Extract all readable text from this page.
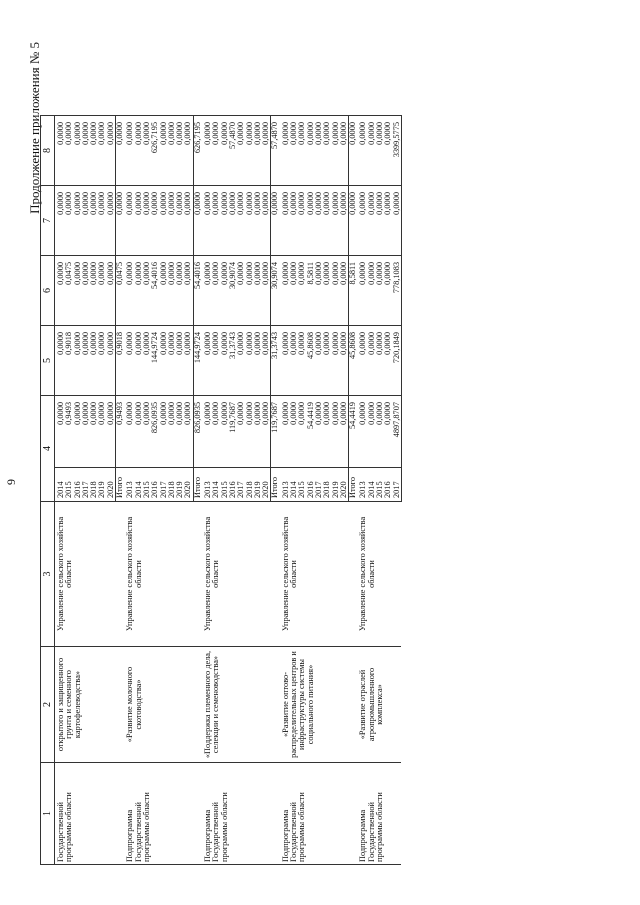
9
Продолжение приложения № 5
1	2	3	4		5	6	7	8
Государственной программы области	открытого и защищенного грунта и семенного картофелеводства»	Управление сельского хозяйства области	2014	0,0000	0,0000	0,0000	0,0000	0,0000
			2015	0,9493	0,9018	0,0475	0,0000	0,0000
			2016	0,0000	0,0000	0,0000	0,0000	0,0000
			2017	0,0000	0,0000	0,0000	0,0000	0,0000
			2018	0,0000	0,0000	0,0000	0,0000	0,0000
			2019	0,0000	0,0000	0,0000	0,0000	0,0000
			2020	0,0000	0,0000	0,0000	0,0000	0,0000
			Итого	0,9493	0,9018	0,0475	0,0000	0,0000
Подпрограмма Государственной программы области	«Развитие молочного скотоводства»	Управление сельского хозяйства области	2013	0,0000	0,0000	0,0000	0,0000	0,0000
			2014	0,0000	0,0000	0,0000	0,0000	0,0000
			2015	0,0000	0,0000	0,0000	0,0000	0,0000
			2016	826,0935	144,9724	54,4016	0,0000	626,7195
			2017	0,0000	0,0000	0,0000	0,0000	0,0000
			2018	0,0000	0,0000	0,0000	0,0000	0,0000
			2019	0,0000	0,0000	0,0000	0,0000	0,0000
			2020	0,0000	0,0000	0,0000	0,0000	0,0000
			Итого	826,0935	144,9724	54,4016	0,0000	626,7195
Подпрограмма Государственной программы области	«Поддержка племенного дела, селекции и семеноводства»	Управление сельского хозяйства области	2013	0,0000	0,0000	0,0000	0,0000	0,0000
			2014	0,0000	0,0000	0,0000	0,0000	0,0000
			2015	0,0000	0,0000	0,0000	0,0000	0,0000
			2016	119,7687	31,3743	30,9074	0,0000	57,4870
			2017	0,0000	0,0000	0,0000	0,0000	0,0000
			2018	0,0000	0,0000	0,0000	0,0000	0,0000
			2019	0,0000	0,0000	0,0000	0,0000	0,0000
			2020	0,0000	0,0000	0,0000	0,0000	0,0000
			Итого	119,7687	31,3743	30,9074	0,0000	57,4870
Подпрограмма Государственной программы области	«Развитие оптово-распределительных центров и инфраструктуры системы социального питания»	Управление сельского хозяйства области	2013	0,0000	0,0000	0,0000	0,0000	0,0000
			2014	0,0000	0,0000	0,0000	0,0000	0,0000
			2015	0,0000	0,0000	0,0000	0,0000	0,0000
			2016	54,4419	45,8608	8,5811	0,0000	0,0000
			2017	0,0000	0,0000	0,0000	0,0000	0,0000
			2018	0,0000	0,0000	0,0000	0,0000	0,0000
			2019	0,0000	0,0000	0,0000	0,0000	0,0000
			2020	0,0000	0,0000	0,0000	0,0000	0,0000
			Итого	54,4419	45,8608	8,5811	0,0000	0,0000
Подпрограмма Государственной программы области	«Развитие отраслей агропромышленного комплекса»	Управление сельского хозяйства области	2013	0,0000	0,0000	0,0000	0,0000	0,0000
			2014	0,0000	0,0000	0,0000	0,0000	0,0000
			2015	0,0000	0,0000	0,0000	0,0000	0,0000
			2016	0,0000	0,0000	0,0000	0,0000	0,0000
			2017	4897,8707	720,1849	778,1083	0,0000	3399,5775
